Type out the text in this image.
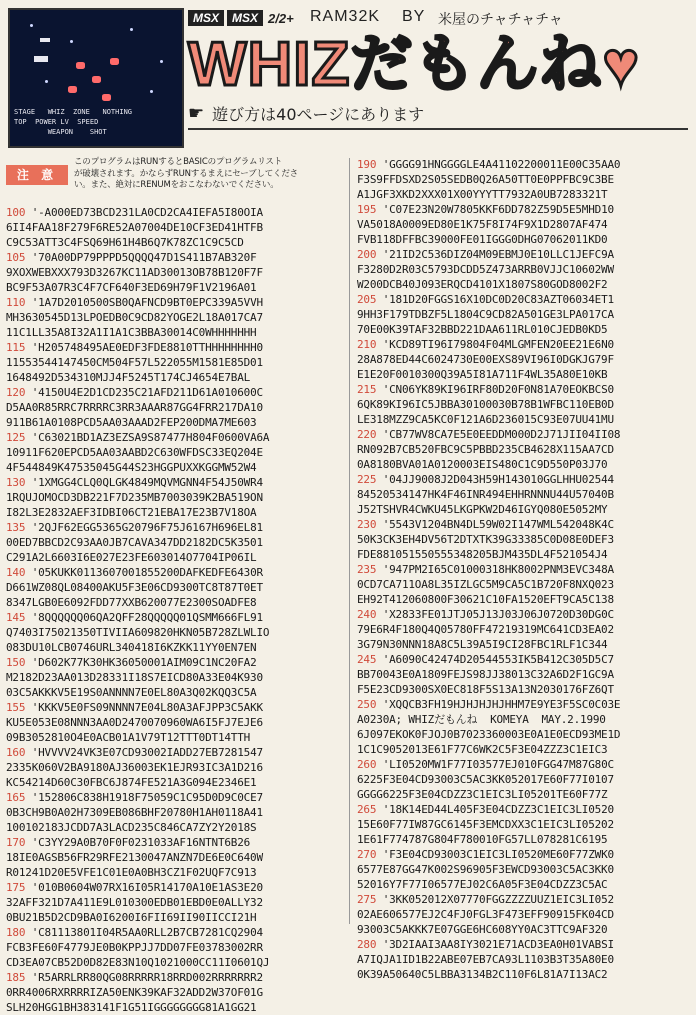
STAGE   WHIZ  ZONE   NOTHING
TOP  POWER LV  SPEED
WEAPON    SHOT
MSX	MSX 2/2+ RAM32K BY 米屋のチャチャチャ
WHIZだもんね♥
☛ 遊び方は40ページにあります
注 意
このプログラムはRUNするとBASICのプログラムリスト
が破壊されます。かならずRUNするまえにセーブしてくださ
い。また、絶対にRENUMをおこなわないでください。
100 '-A000ED73BCD231LA0CD2CA4IEFA5I80OIA
6II4FAA18F279F6RE52A07004DE10CF3ED41HTFB
C9C53ATT3C4FSQ69H61H4B6Q7K78ZC1C9C5CD
105 '70A00DP79PPPD5QQQQ47D1S411B7AB320F
9XOXWEBXXX793D3267KC11AD30013OB78B120F7F
BC9F53A07R3C4F7CF640F3ED69H79F1V2196A01
110 '1A7D2010500SB0QAFNCD9BT0EPC339A5VVH
MH3630545D13LPOEDB0C9CD82YOGE2L18A017CA7
11C1LL35A8I32A1I1A1C3BBA30014C0WHHHHHHH
115 'H205748495AE0EDF3FDE8810TTHHHHHHHH0
11553544147450CM504F57L522055M1581E85D01
1648492D534310MJJ4F5245T174CJ4654E7BAL
120 '4150U4E2D1CD235C21AFD211D61A010600C
D5AA0R85RRC7RRRRC3RR3AAAR87GG4FRR217DA10
911B61A0108PCD5AA03AAAD2FEP200DMA7ME603
125 'C63021BD1AZ3EZSA9S87477H804F0600VA6A
10911F620EPCD5AA03AABD2C630WFDSC33EQ204E
4F544849K47535045G44S23HGGPUXXKGGMW52W4
130 '1XMGG4CLQ0QLGK4849MQVMGNN4F54J50WR4
1RQUJOMOCD3DB221F7D235MB7003039K2BA519ON
I82L3E2832AEF3IDBI06CT21EBA17E23B7V18OA
135 '2QJF62EGG5365G20796F75J6167H696EL81
00ED7BBCD2C93AA0JB7CAVA347DD2182DC5K3501
C291A2L6603I6E027E23FE603014O7704IP06IL
140 '05KUKK0113607001855200DAFKEDFE6430R
D661WZ08QL08400AKU5F3E06CD9300TC8T87T0ET
8347LGB0E6092FDD77XXB620077E2300SOADFE8
145 '8QQQQQQ06QA2QFF28QQQQQ01QSMM666FL91
Q7403I75021350TIVIIA609820HKN05B728ZLWLIO
083DU10LCB0746URL340418I6KZKK11YY0EN7EN
150 'D602K77K30HK36050001AIM09C1NC20FA2
M2182D23AA013D28331I18S7EICD80A33E04K930
03C5AKKKV5E19S0ANNNN7E0EL80A3Q02KQQ3C5A
155 'KKKV5E0FS09NNNN7E04L80A3AFJPP3C5AKK
KU5E053E08NNN3AA0D2470070960WA6I5FJ7EJE6
09B3052810O4E0ACB01A1V79T12TTT0DT14TTH
160 'HVVVV24VK3E07CD93002IADD27EB7281547
2335K060V2BA9180AJ36003EK1EJR93IC3A1D216
KC54214D60C30FBC6J874FE521A3G094E2346E1
165 '152806C838H1918F75059C1C95D0D9C0CE7
0B3CH9B0A02H7309EB086BHF20780H1AH0118A41
100102183JCDD7A3LACD235C846CA7ZY2Y2018S
170 'C3YY29A0B70F0F0231033AF16NTNT6B26
18IE0AGSB56FR29RFE2130047ANZN7DE6E0C640W
R01241D20E5VFE1C01E0A0BH3CZ1F02UQF7C913
175 '010B0604W07RX16I05R14170A10E1AS3E20
32AFF321D7A411E9L010300EDB01EBD0E0ALLY32
0BU21B5D2CD9BA0I6200I6FII69II90IICCI21H
180 'C81113801I04R5AA0RLL2B7CB7281CQ2904
FCB3FE60F4779JE0B0KPPJJ7DD07FE03783002RR
CD3EA07CB52D0D82E83N10Q1021000CC11I0601QJ
185 'R5ARRLRR80QG08RRRRR18RRD002RRRRRRR2
0RR4006RXRRRRIZA50ENK39KAF32ADD2W37OF01G
SLH20HGG1BH383141F1G51IGGGGGGGG81A1GG21
190 'GGGG91HNGGGGLE4A41102200011E00C35AA0
F3S9FFDSXD2S05SEDB0Q26A50TT0E0PPFBC9C3BE
A1JGF3XKD2XXX01X00YYYTT7932A0UB7283321T
195 'C07E23N20W7805KKF6DD782Z59D5E5MHD10
VA5018A0009ED80E1K75F8I74F9X1D2807AF474
FVB118DFFBC39000FE01IGGG0DHG07062011KD0
200 '21ID2C536DIZ04M09EBMJ0E10LLC1JEFC9A
F3280D2R03C5793DCDD5Z473ARRB0VJJC10602WW
W200DCB40J093ERQCD4101X1807S80GOD8002F2
205 '181D20FGGS16X10DC0D20C83AZT06034ET1
9HH3F179TDBZF5L1804C9CD82A501GE3LPA017CA
70E00K39TAF32BBD221DAA611RL010CJEDB0KD5
210 'KCD89TI96I79804F04MLGMFEN20EE21E6N0
28A878ED44C6024730E00EXS89VI96I0DGKJG79F
E1E20F0010300Q39A5I81A711F4WL35A80E10KB
215 'CN06YK89KI96IRF80D20F0N81A70EOKBCS0
6QK89KI96IC5JBBA30100030B78B1WFBC110EB0D
LE318MZZ9CA5KC0F121A6D236015C93E07UU41MU
220 'CB77WV8CA7E5E0EEDDM000D2J71JII04II08
RN092B7CB520FBC9C5PBBD235CB4628X115AA7CD
0A8180BVA01A0120003EIS480C1C9D550P03J70
225 '04JJ9008J2D043H59H143010GGLHHU02544
84520534147HK4F46INR494EHHRNNNU44U57040B
J52TSHVR4CWKU45LKGPKW2D46IGYQ080E5052MY
230 '5543V1204BN4DL59W02I147WML542048K4C
50K3CK3EH4DV56T2DTXTK39G33385C0D08E0DEF3
FDE881051550555348205BJM435DL4F521054J4
235 '947PM2I65C01000318HK8002PNM3EVC348A
0CD7CA711OA8L35IZLGC5M9CA5C1B720F8NXQ023
EH92T412060800F30621C10FA1520EFT9CA5C138
240 'X2833FE01JTJ05J13J03J06J0720D30DG0C
79E6R4F180Q4Q05780FF47219319MC641CD3EA02
3G79N30NNN18A8C5L39A5I9CI28FBC1RLF1C344
245 'A6090C42474D20544553IK5B412C305D5C7
BB70043E0A1809FEJS98JJ38013C32A6D2F1GC9A
F5E23CD9300SX0EC818F5S13A13N2030176FZ6QT
250 'XQQCB3FH19HJHJHJHJHHM7E9YE3F5SC0C03E
A0230A; WHIZだもんね  KOMEYA  MAY.2.1990
6J097EKOK0FJOJ0B7023360003E0A1E0ECD93ME1D
1C1C9052013E61F77C6WK2C5F3E04ZZZ3C1EIC3
260 'LI0520MW1F77I03577EJ010FGG47M87G80C
6225F3E04CD93003C5AC3KK052017E60F77I0107
GGGG6225F3E04CDZZ3C1EIC3LI05201TE60F77Z
265 '18K14ED44L405F3E04CDZZ3C1EIC3LI0520
15E60F77IW87GC6145F3EMCDXX3C1EIC3LI05202
1E61F774787G804F780010FG57LL078281C6195
270 'F3E04CD93003C1EIC3LI0520ME60F77ZWK0
6577E87GG47K002S96905F3EWCD93003C5AC3KK0
52016Y7F77I06577EJ02C6A05F3E04CDZZ3C5AC
275 '3KK052012X07770FGGZZZZUUZ1EIC3LI052
02AE606577EJ2C4FJ0FGL3F473EFF90915FK04CD
93003C5AKKK7E07GGE6HC608YY0AC3TTC9AF320
280 '3D2IAAI3AA8IY3021E71ACD3EA0H01VABSI
A7IQJA1ID1B22ABE07EB7CA93L1103B3T35A80E0
0K39A50640C5LBBA3134B2C110F6L81A7I13AC2
